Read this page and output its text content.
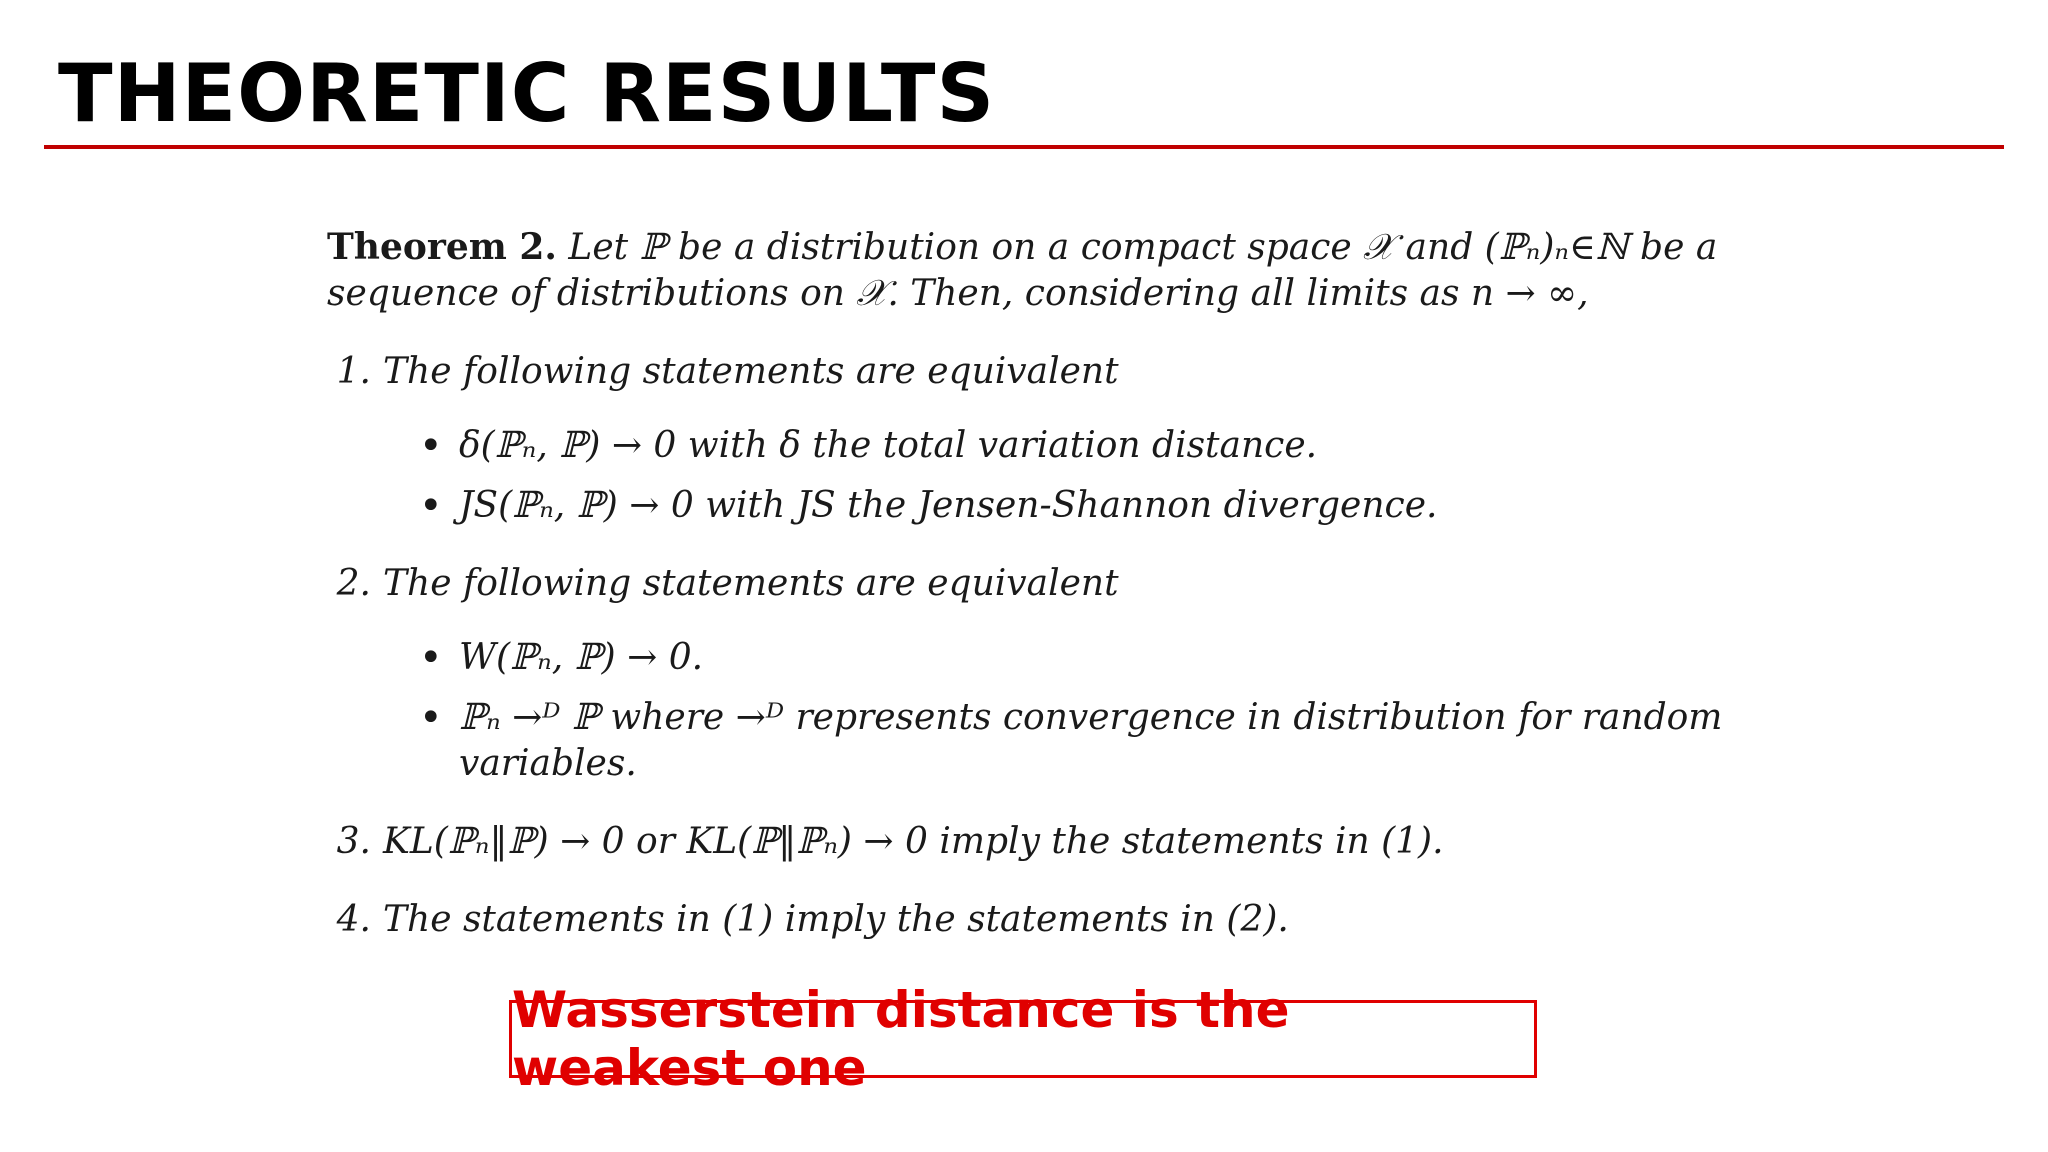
THEORETIC RESULTS

Theorem 2. Let ℙ be a distribution on a compact space 𝒳 and (ℙₙ)ₙ∈ℕ be a sequence of distributions on 𝒳. Then, considering all limits as n → ∞,

1. The following statements are equivalent
• δ(ℙₙ, ℙ) → 0 with δ the total variation distance.
• JS(ℙₙ, ℙ) → 0 with JS the Jensen-Shannon divergence.
2. The following statements are equivalent
• W(ℙₙ, ℙ) → 0.
• ℙₙ →ᴰ ℙ where →ᴰ represents convergence in distribution for random variables.
3. KL(ℙₙ‖ℙ) → 0 or KL(ℙ‖ℙₙ) → 0 imply the statements in (1).
4. The statements in (1) imply the statements in (2).
Wasserstein distance is the weakest one
